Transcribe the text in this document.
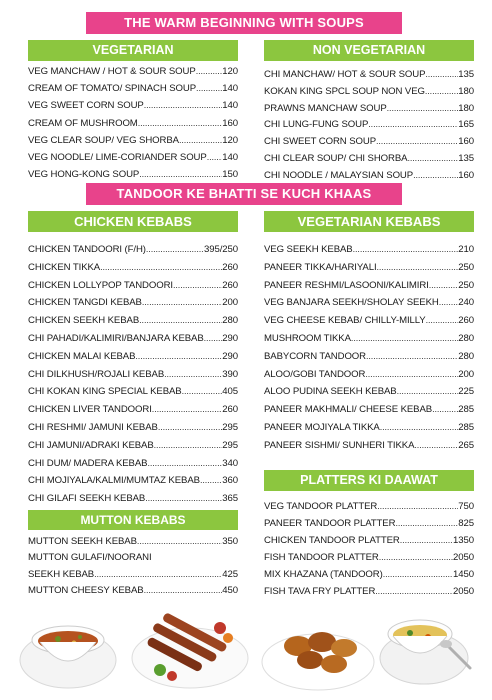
THE WARM BEGINNING WITH SOUPS
TANDOOR KE BHATTI SE KUCH KHAAS
VEGETARIAN	NON VEGETARIAN
VEG MANCHAW / HOT & SOUR SOUP .....	120
CREAM OF TOMATO/ SPINACH SOUP .....	140
VEG SWEET CORN SOUP .....	140
CREAM OF MUSHROOM .....	160
VEG CLEAR SOUP/ VEG SHORBA .....	120
VEG NOODLE/ LIME-CORIANDER SOUP ..... 140
VEG HONG-KONG SOUP .....	150
CHI MANCHAW/ HOT & SOUR SOUP .....	135
KOKAN KING SPCL SOUP NON VEG .....	180
PRAWNS MANCHAW SOUP .....	180
CHI LUNG-FUNG SOUP .....	165
CHI SWEET CORN SOUP .....	160
CHI CLEAR SOUP/ CHI SHORBA .....	135
CHI NOODLE / MALAYSIAN SOUP .....	160
CHICKEN KEBABS	VEGETARIAN KEBABS
CHICKEN TANDOORI (F/H) .....	395/250
CHICKEN TIKKA .....	260
CHICKEN LOLLYPOP TANDOORI .....	260
CHICKEN TANGDI KEBAB .....	200
CHICKEN SEEKH KEBAB .....	280
CHI PAHADI/KALIMIRI/BANJARA KEBAB ..... 290
CHICKEN MALAI KEBAB .....	290
CHI DILKHUSH/ROJALI KEBAB .....	390
CHI KOKAN KING SPECIAL KEBAB .....	405
CHICKEN LIVER TANDOORI .....	260
CHI RESHMI/ JAMUNI KEBAB .....	295
CHI JAMUNI/ADRAKI KEBAB .....	295
CHI DUM/ MADERA KEBAB .....	340
CHI MOJIYALA/KALMI/MUMTAZ KEBAB ..... 360
CHI GILAFI SEEKH KEBAB .....	365
VEG SEEKH KEBAB .....	210
PANEER TIKKA/HARIYALI .....	250
PANEER RESHMI/LASOONI/KALIMIRI .....	250
VEG BANJARA SEEKH/SHOLAY SEEKH ..... 240
VEG CHEESE KEBAB/ CHILLY-MILLY .....	260
MUSHROOM TIKKA .....	280
BABYCORN TANDOOR .....	280
ALOO/GOBI TANDOOR .....	200
ALOO PUDINA SEEKH KEBAB .....	225
PANEER MAKHMALI/ CHEESE KEBAB .....	285
PANEER MOJIYALA TIKKA .....	285
PANEER SISHMI/ SUNHERI TIKKA .....	265
MUTTON KEBABS
MUTTON SEEKH KEBAB .....	350
MUTTON GULAFI/NOORANI
SEEKH KEBAB .....	425
MUTTON CHEESY KEBAB .....	450
PLATTERS KI DAAWAT
VEG TANDOOR PLATTER .....	750
PANEER TANDOOR PLATTER .....	825
CHICKEN TANDOOR PLATTER .....	1350
FISH TANDOOR PLATTER .....	2050
MIX KHAZANA (TANDOOR) .....	1450
FISH TAVA FRY PLATTER .....	2050
